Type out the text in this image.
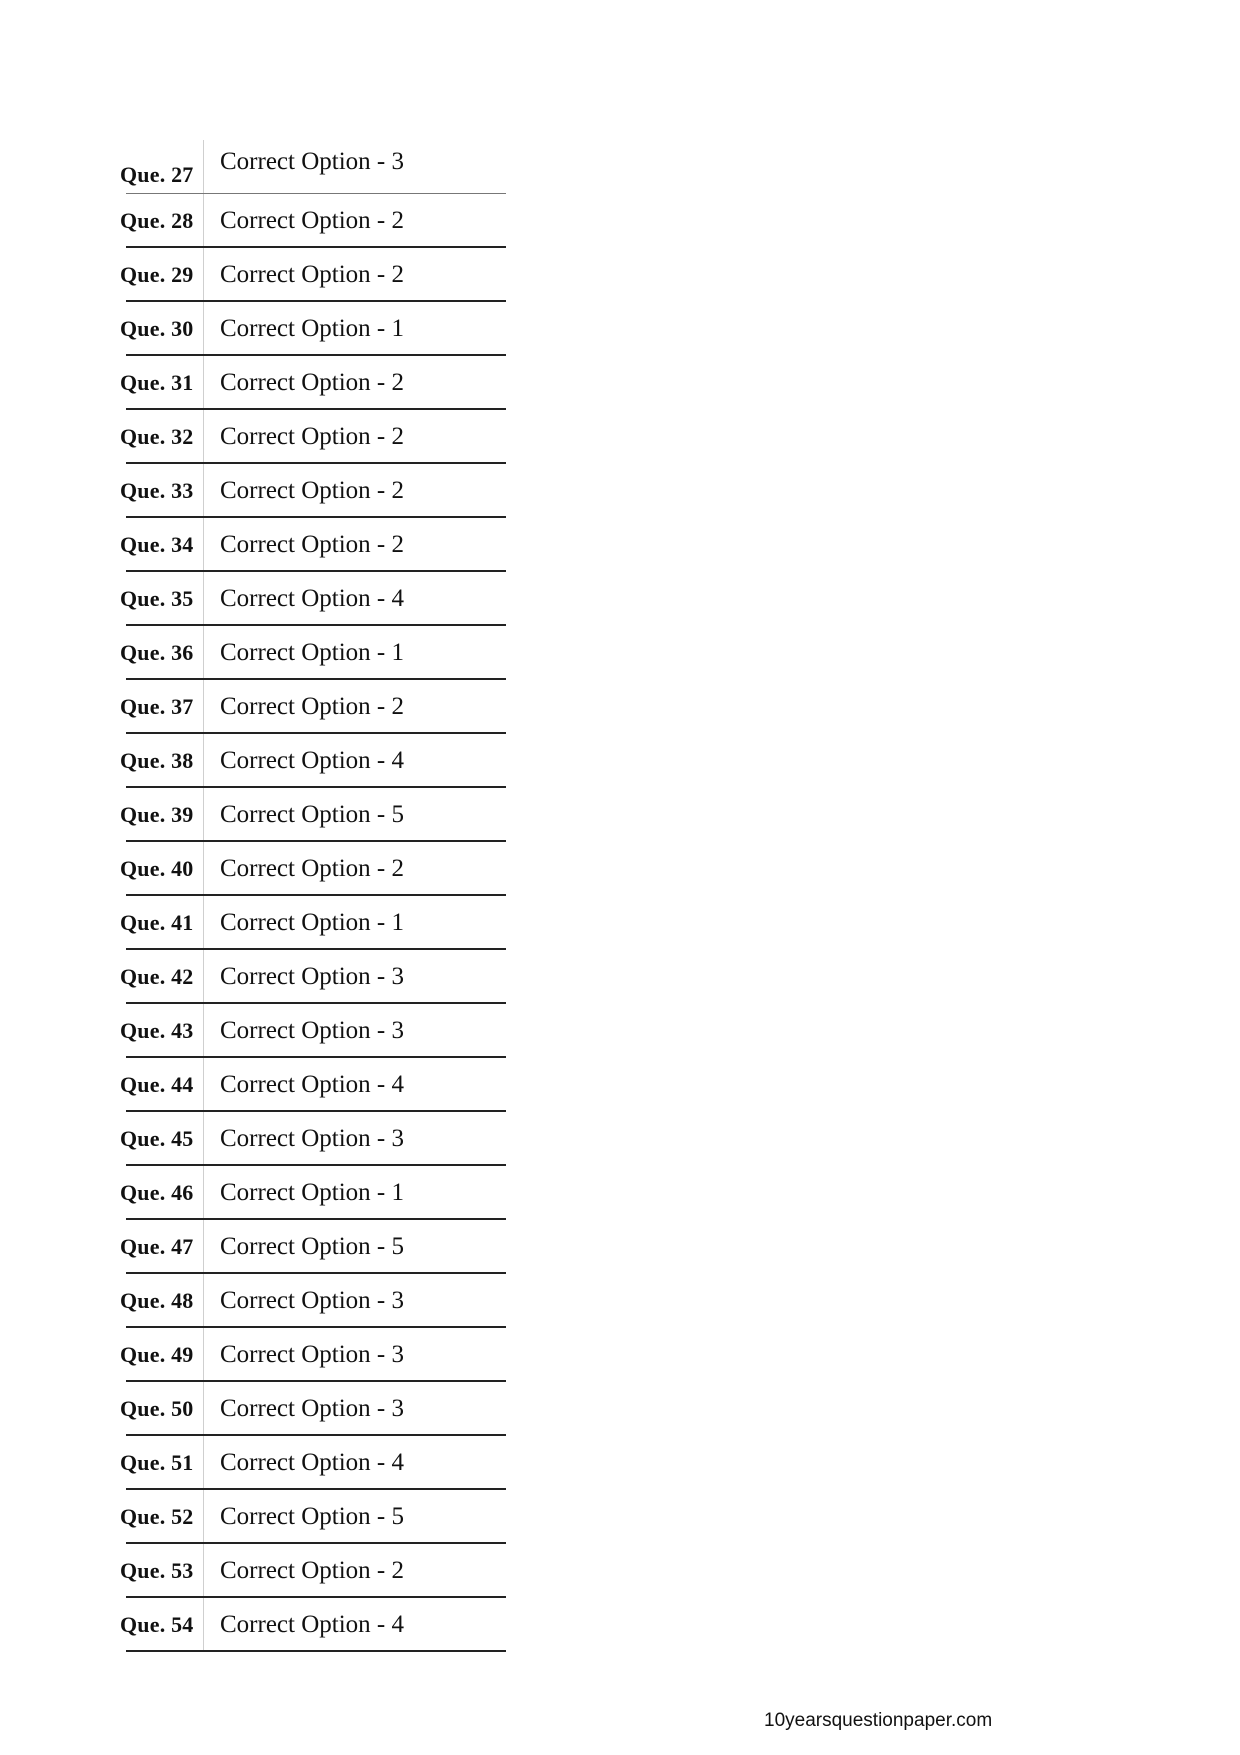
Que. 27	Correct Option - 3
Que. 28	Correct Option - 2
Que. 29	Correct Option - 2
Que. 30	Correct Option - 1
Que. 31	Correct Option - 2
Que. 32	Correct Option - 2
Que. 33	Correct Option - 2
Que. 34	Correct Option - 2
Que. 35	Correct Option - 4
Que. 36	Correct Option - 1
Que. 37	Correct Option - 2
Que. 38	Correct Option - 4
Que. 39	Correct Option - 5
Que. 40	Correct Option - 2
Que. 41	Correct Option - 1
Que. 42	Correct Option - 3
Que. 43	Correct Option - 3
Que. 44	Correct Option - 4
Que. 45	Correct Option - 3
Que. 46	Correct Option - 1
Que. 47	Correct Option - 5
Que. 48	Correct Option - 3
Que. 49	Correct Option - 3
Que. 50	Correct Option - 3
Que. 51	Correct Option - 4
Que. 52	Correct Option - 5
Que. 53	Correct Option - 2
Que. 54	Correct Option - 4
10yearsquestionpaper.com
